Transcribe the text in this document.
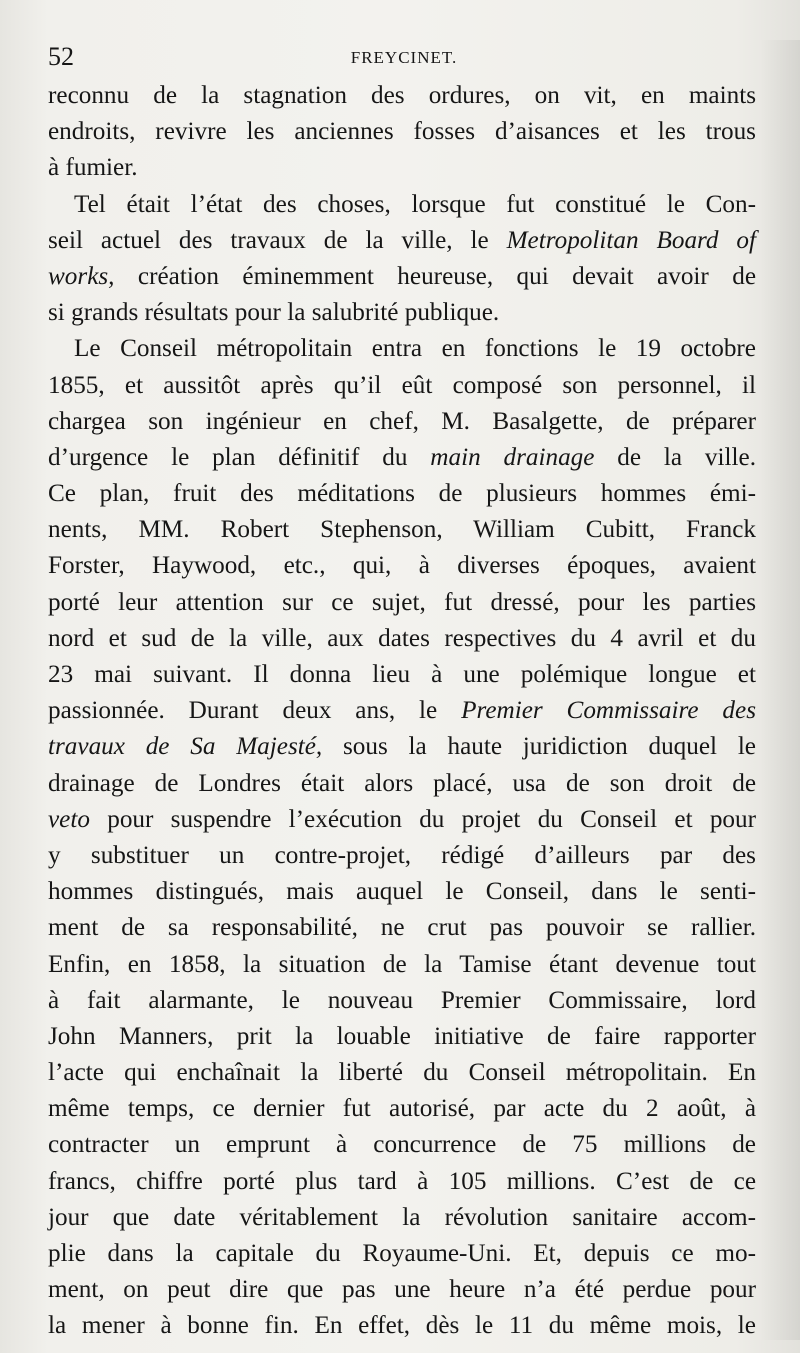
52	FREYCINET.
reconnu de la stagnation des ordures, on vit, en maints
endroits, revivre les anciennes fosses d’aisances et les trous
à fumier.
Tel était l’état des choses, lorsque fut constitué le Con-
seil actuel des travaux de la ville, le Metropolitan Board of
works, création éminemment heureuse, qui devait avoir de
si grands résultats pour la salubrité publique.
Le Conseil métropolitain entra en fonctions le 19 octobre
1855, et aussitôt après qu’il eût composé son personnel, il
chargea son ingénieur en chef, M. Basalgette, de préparer
d’urgence le plan définitif du main drainage de la ville.
Ce plan, fruit des méditations de plusieurs hommes émi-
nents, MM. Robert Stephenson, William Cubitt, Franck
Forster, Haywood, etc., qui, à diverses époques, avaient
porté leur attention sur ce sujet, fut dressé, pour les parties
nord et sud de la ville, aux dates respectives du 4 avril et du
23 mai suivant. Il donna lieu à une polémique longue et
passionnée. Durant deux ans, le Premier Commissaire des
travaux de Sa Majesté, sous la haute juridiction duquel le
drainage de Londres était alors placé, usa de son droit de
veto pour suspendre l’exécution du projet du Conseil et pour
y substituer un contre-projet, rédigé d’ailleurs par des
hommes distingués, mais auquel le Conseil, dans le senti-
ment de sa responsabilité, ne crut pas pouvoir se rallier.
Enfin, en 1858, la situation de la Tamise étant devenue tout
à fait alarmante, le nouveau Premier Commissaire, lord
John Manners, prit la louable initiative de faire rapporter
l’acte qui enchaînait la liberté du Conseil métropolitain. En
même temps, ce dernier fut autorisé, par acte du 2 août, à
contracter un emprunt à concurrence de 75 millions de
francs, chiffre porté plus tard à 105 millions. C’est de ce
jour que date véritablement la révolution sanitaire accom-
plie dans la capitale du Royaume-Uni. Et, depuis ce mo-
ment, on peut dire que pas une heure n’a été perdue pour
la mener à bonne fin. En effet, dès le 11 du même mois, le
